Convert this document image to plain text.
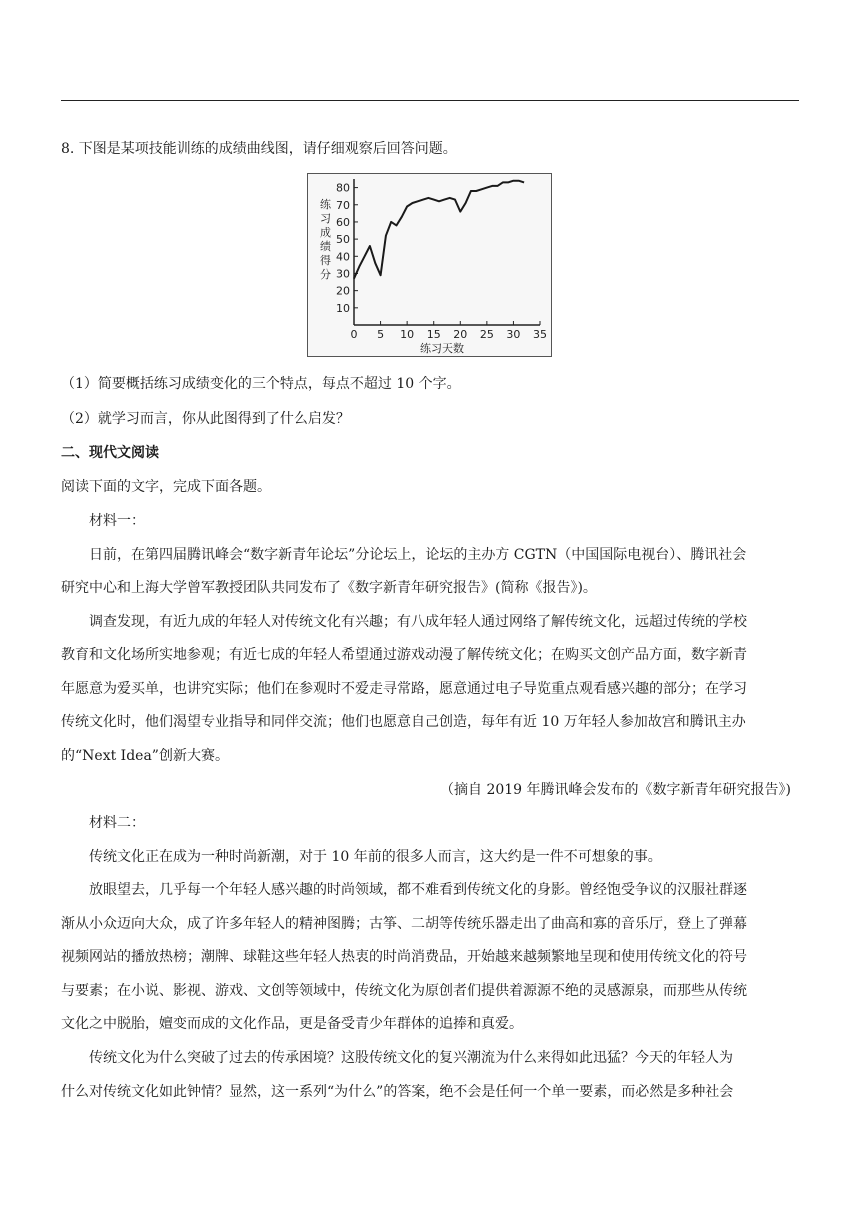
8. 下图是某项技能训练的成绩曲线图，请仔细观察后回答问题。
10
20
30
40
50
60
70
80
0 5 10 15 20 25 30 35
练习成绩得分
练习天数
（1）简要概括练习成绩变化的三个特点，每点不超过 10 个字。
（2）就学习而言，你从此图得到了什么启发？
二、现代文阅读
阅读下面的文字，完成下面各题。
材料一：
日前，在第四届腾讯峰会“数字新青年论坛”分论坛上，论坛的主办方 CGTN（中国国际电视台）、腾讯社会
研究中心和上海大学曾军教授团队共同发布了《数字新青年研究报告》(简称《报告》)。
调查发现，有近九成的年轻人对传统文化有兴趣；有八成年轻人通过网络了解传统文化，远超过传统的学校
教育和文化场所实地参观；有近七成的年轻人希望通过游戏动漫了解传统文化；在购买文创产品方面，数字新青
年愿意为爱买单，也讲究实际；他们在参观时不爱走寻常路，愿意通过电子导览重点观看感兴趣的部分；在学习
传统文化时，他们渴望专业指导和同伴交流；他们也愿意自己创造，每年有近 10 万年轻人参加故宫和腾讯主办
的“Next Idea”创新大赛。
（摘自 2019 年腾讯峰会发布的《数字新青年研究报告》)
材料二：
传统文化正在成为一种时尚新潮，对于 10 年前的很多人而言，这大约是一件不可想象的事。
放眼望去，几乎每一个年轻人感兴趣的时尚领域，都不难看到传统文化的身影。曾经饱受争议的汉服社群逐
渐从小众迈向大众，成了许多年轻人的精神图腾；古筝、二胡等传统乐器走出了曲高和寡的音乐厅，登上了弹幕
视频网站的播放热榜；潮牌、球鞋这些年轻人热衷的时尚消费品，开始越来越频繁地呈现和使用传统文化的符号
与要素；在小说、影视、游戏、文创等领域中，传统文化为原创者们提供着源源不绝的灵感源泉，而那些从传统
文化之中脱胎，嬗变而成的文化作品，更是备受青少年群体的追捧和真爱。
传统文化为什么突破了过去的传承困境？这股传统文化的复兴潮流为什么来得如此迅猛？今天的年轻人为
什么对传统文化如此钟情？显然，这一系列“为什么”的答案，绝不会是任何一个单一要素，而必然是多种社会
